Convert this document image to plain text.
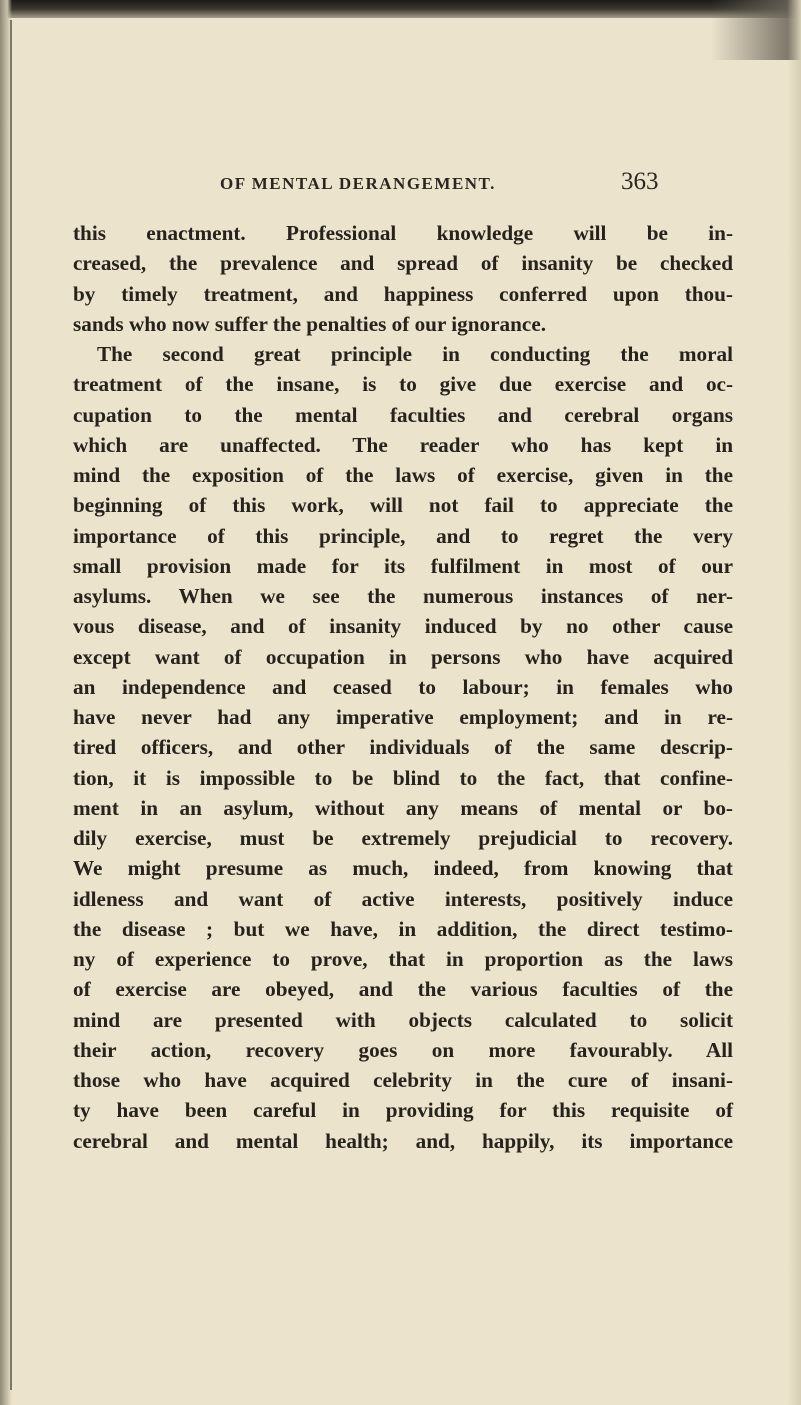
OF MENTAL DERANGEMENT.	363
this enactment. Professional knowledge will be in-
creased, the prevalence and spread of insanity be checked
by timely treatment, and happiness conferred upon thou-
sands who now suffer the penalties of our ignorance.
The second great principle in conducting the moral
treatment of the insane, is to give due exercise and oc-
cupation to the mental faculties and cerebral organs
which are unaffected. The reader who has kept in
mind the exposition of the laws of exercise, given in the
beginning of this work, will not fail to appreciate the
importance of this principle, and to regret the very
small provision made for its fulfilment in most of our
asylums. When we see the numerous instances of ner-
vous disease, and of insanity induced by no other cause
except want of occupation in persons who have acquired
an independence and ceased to labour; in females who
have never had any imperative employment; and in re-
tired officers, and other individuals of the same descrip-
tion, it is impossible to be blind to the fact, that confine-
ment in an asylum, without any means of mental or bo-
dily exercise, must be extremely prejudicial to recovery.
We might presume as much, indeed, from knowing that
idleness and want of active interests, positively induce
the disease ; but we have, in addition, the direct testimo-
ny of experience to prove, that in proportion as the laws
of exercise are obeyed, and the various faculties of the
mind are presented with objects calculated to solicit
their action, recovery goes on more favourably. All
those who have acquired celebrity in the cure of insani-
ty have been careful in providing for this requisite of
cerebral and mental health; and, happily, its importance
